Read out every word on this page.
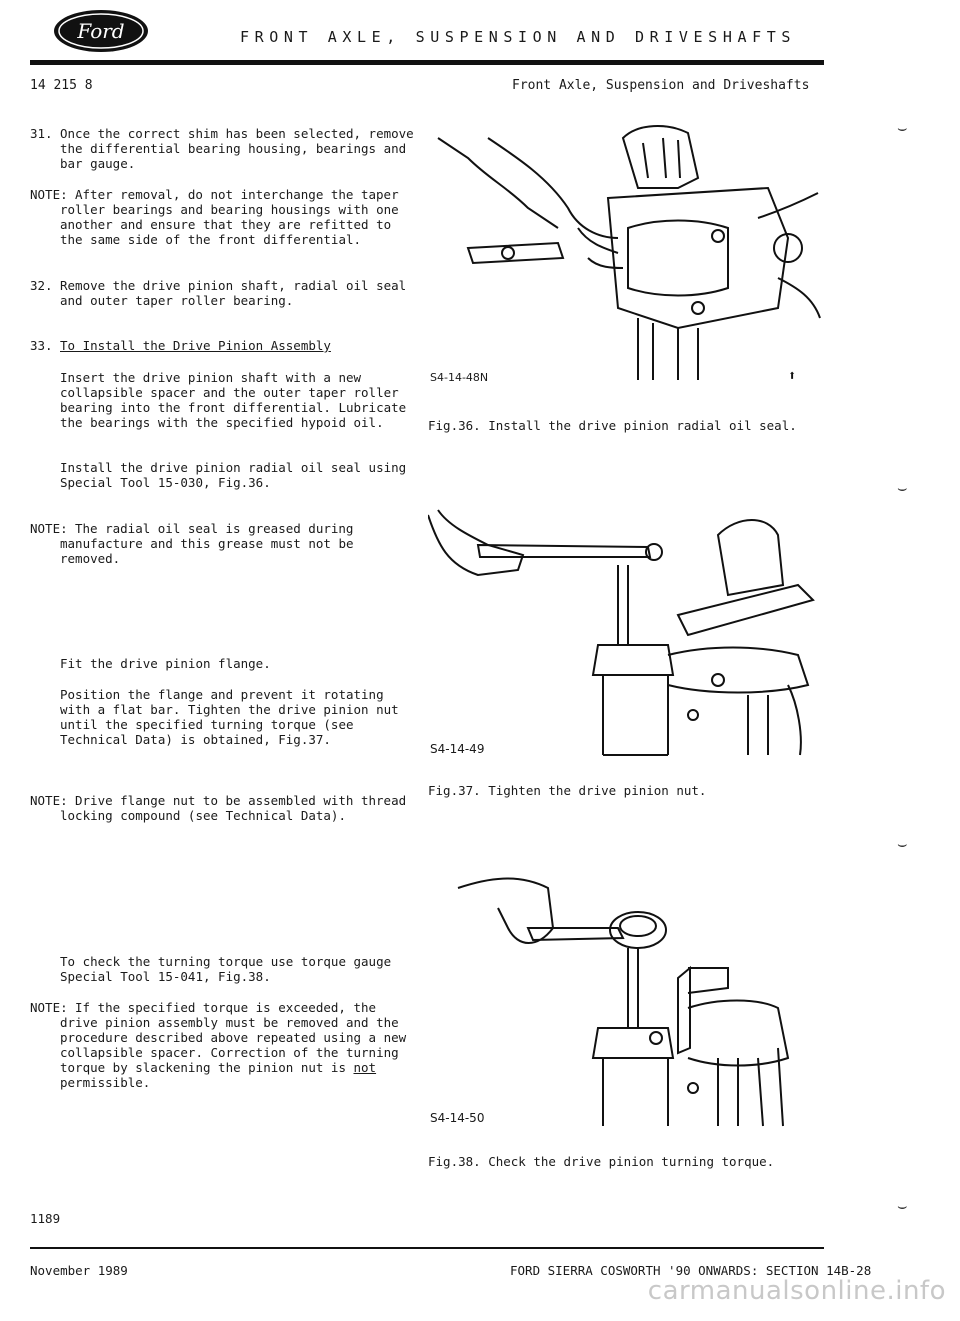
Ford	FRONT AXLE, SUSPENSION AND DRIVESHAFTS
14 215 8	Front Axle, Suspension and Driveshafts
31. Once the correct shim has been selected, remove the differential bearing housing, bearings and bar gauge.
NOTE: After removal, do not interchange the taper roller bearings and bearing housings with one another and ensure that they are refitted to the same side of the front differential.
32. Remove the drive pinion shaft, radial oil seal and outer taper roller bearing.
33. To Install the Drive Pinion Assembly
Insert the drive pinion shaft with a new collapsible spacer and the outer taper roller bearing into the front differential. Lubricate the bearings with the specified hypoid oil.
Install the drive pinion radial oil seal using Special Tool 15-030, Fig.36.
NOTE: The radial oil seal is greased during manufacture and this grease must not be removed.
Fit the drive pinion flange.
Position the flange and prevent it rotating with a flat bar. Tighten the drive pinion nut until the specified turning torque (see Technical Data) is obtained, Fig.37.
NOTE: Drive flange nut to be assembled with thread locking compound (see Technical Data).
To check the turning torque use torque gauge Special Tool 15-041, Fig.38.
NOTE: If the specified torque is exceeded, the drive pinion assembly must be removed and the procedure described above repeated using a new collapsible spacer. Correction of the turning torque by slackening the pinion nut is not permissible.
⬆
S4-14-48N
Fig.36. Install the drive pinion radial oil seal.
S4-14-49
Fig.37. Tighten the drive pinion nut.
S4-14-50
Fig.38. Check the drive pinion turning torque.
⌣
⌣
⌣
⌣
1189
November 1989	FORD SIERRA COSWORTH '90 ONWARDS: SECTION 14B-28
carmanualsonline.info
